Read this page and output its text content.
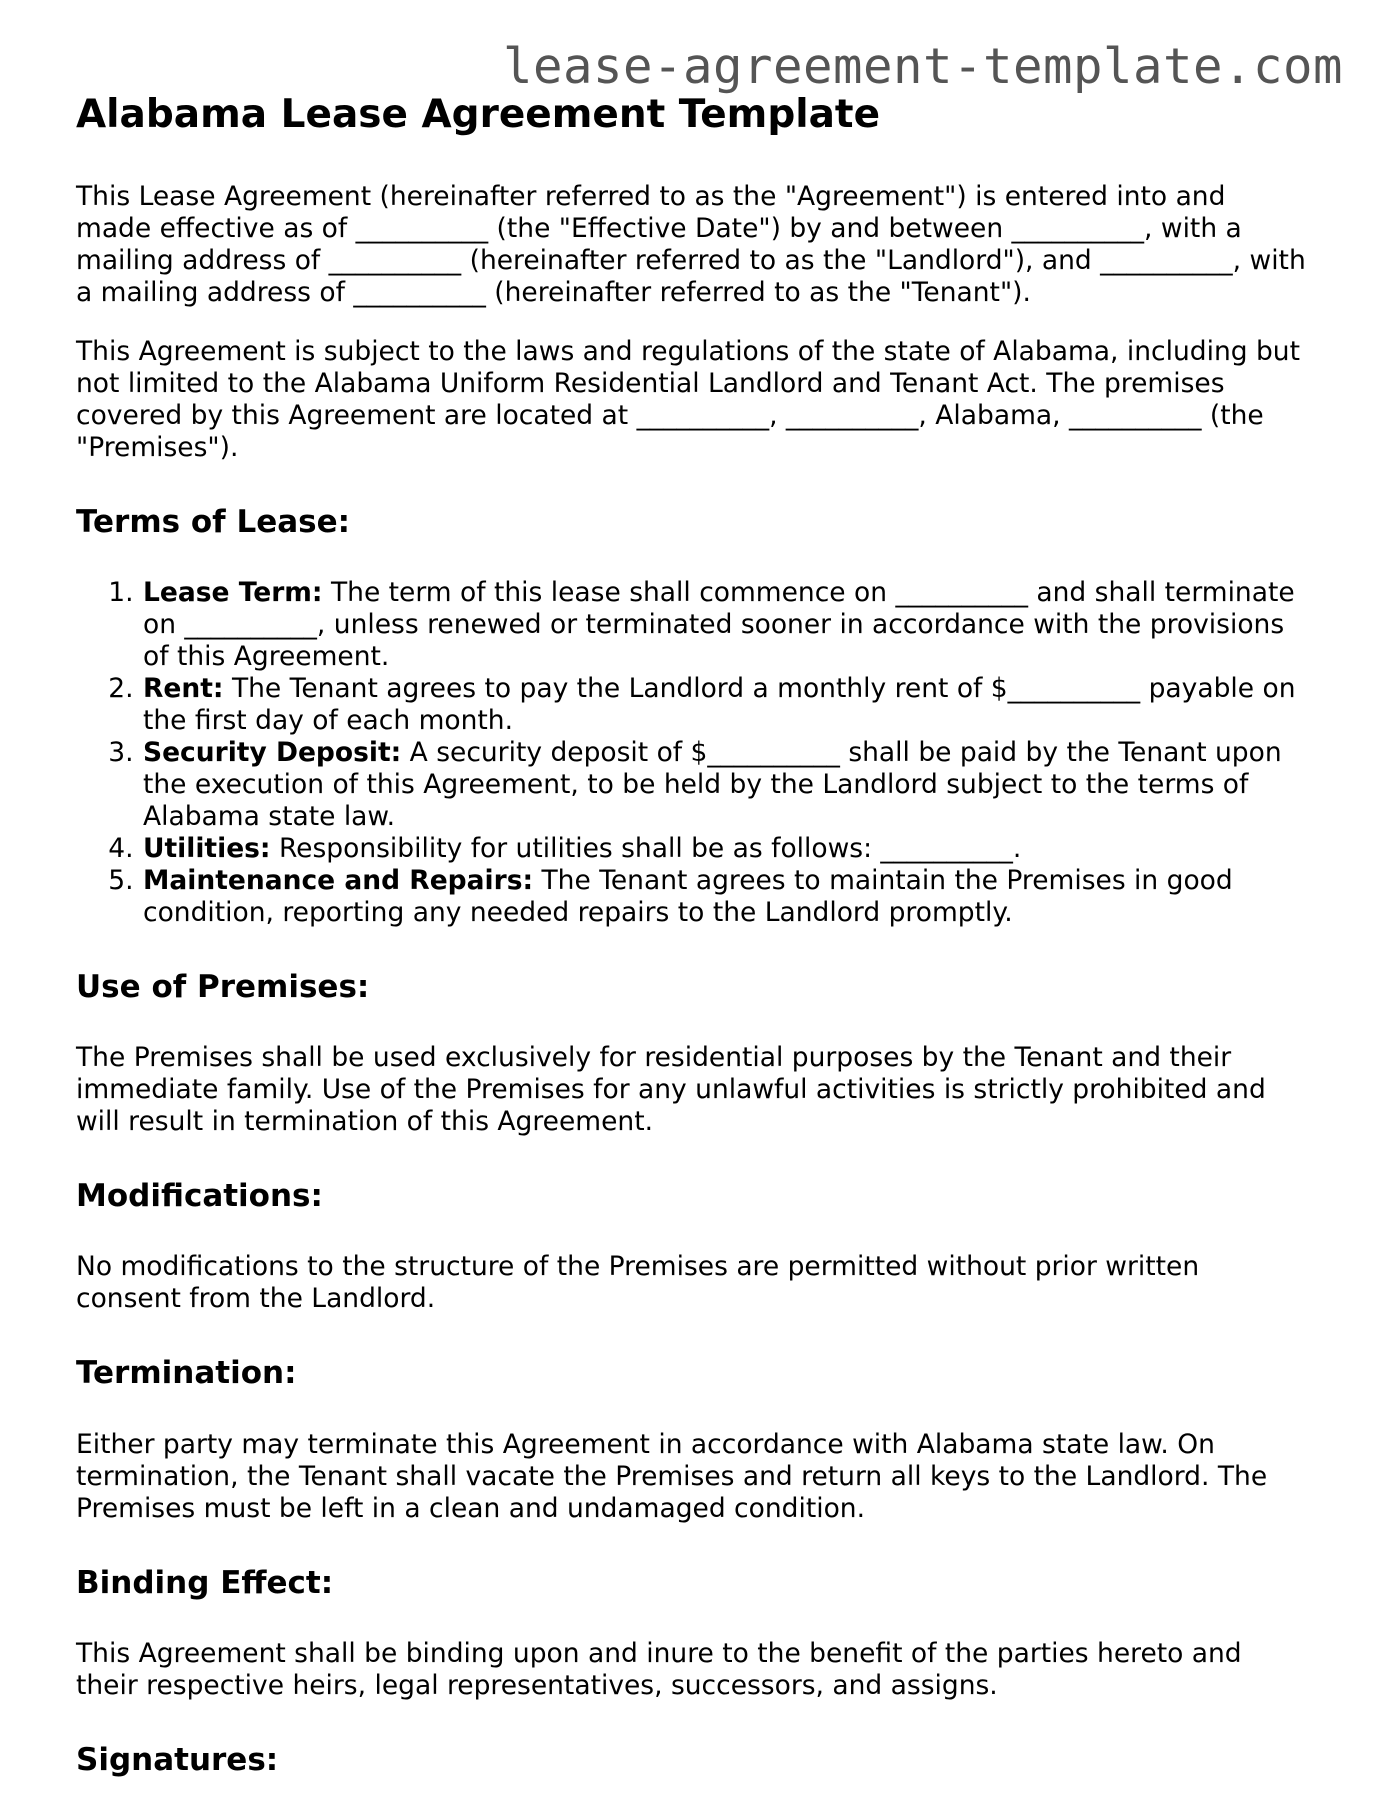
lease-agreement-template.com
Alabama Lease Agreement Template

This Lease Agreement (hereinafter referred to as the "Agreement") is entered into and made effective as of __________ (the "Effective Date") by and between __________, with a mailing address of __________ (hereinafter referred to as the "Landlord"), and __________, with a mailing address of __________ (hereinafter referred to as the "Tenant").

This Agreement is subject to the laws and regulations of the state of Alabama, including but not limited to the Alabama Uniform Residential Landlord and Tenant Act. The premises covered by this Agreement are located at __________, __________, Alabama, __________ (the "Premises").

Terms of Lease:
1. Lease Term: The term of this lease shall commence on __________ and shall terminate on __________, unless renewed or terminated sooner in accordance with the provisions of this Agreement.
2. Rent: The Tenant agrees to pay the Landlord a monthly rent of $__________ payable on the first day of each month.
3. Security Deposit: A security deposit of $__________ shall be paid by the Tenant upon the execution of this Agreement, to be held by the Landlord subject to the terms of Alabama state law.
4. Utilities: Responsibility for utilities shall be as follows: __________.
5. Maintenance and Repairs: The Tenant agrees to maintain the Premises in good condition, reporting any needed repairs to the Landlord promptly.
Use of Premises:

The Premises shall be used exclusively for residential purposes by the Tenant and their immediate family. Use of the Premises for any unlawful activities is strictly prohibited and will result in termination of this Agreement.

Modifications:

No modifications to the structure of the Premises are permitted without prior written consent from the Landlord.

Termination:

Either party may terminate this Agreement in accordance with Alabama state law. On termination, the Tenant shall vacate the Premises and return all keys to the Landlord. The Premises must be left in a clean and undamaged condition.

Binding Effect:

This Agreement shall be binding upon and inure to the benefit of the parties hereto and their respective heirs, legal representatives, successors, and assigns.

Signatures:
